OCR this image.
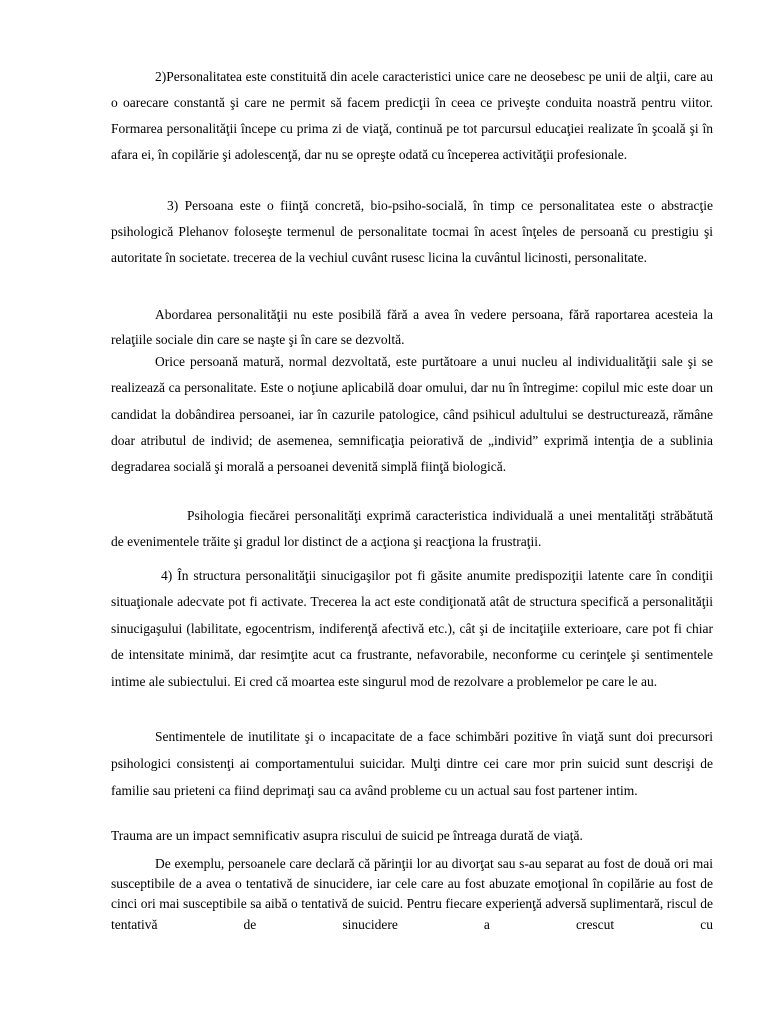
2)Personalitatea este constituită din acele caracteristici unice care ne deosebesc pe unii de alţii, care au o oarecare constantă şi care ne permit să facem predicţii în ceea ce priveşte conduita noastră pentru viitor. Formarea personalităţii începe cu prima zi de viaţă, continuă pe tot parcursul educaţiei realizate în şcoală şi în afara ei, în copilărie şi adolescenţă, dar nu se opreşte odată cu începerea activităţii profesionale.

3) Persoana este o fiinţă concretă, bio-psiho-socială, în timp ce personalitatea este o abstracţie psihologică Plehanov foloseşte termenul de personalitate tocmai în acest înţeles de persoană cu prestigiu şi autoritate în societate. trecerea de la vechiul cuvânt rusesc licina la cuvântul licinosti, personalitate.

Abordarea personalităţii nu este posibilă fără a avea în vedere persoana, fără raportarea acesteia la relaţiile sociale din care se naşte şi în care se dezvoltă.

Orice persoană matură, normal dezvoltată, este purtătoare a unui nucleu al individualităţii sale şi se realizează ca personalitate. Este o noţiune aplicabilă doar omului, dar nu în întregime: copilul mic este doar un candidat la dobândirea persoanei, iar în cazurile patologice, când psihicul adultului se destructurează, rămâne doar atributul de individ; de asemenea, semnificaţia peiorativă de „individ” exprimă intenţia de a sublinia degradarea socială şi morală a persoanei devenită simplă fiinţă biologică.

Psihologia fiecărei personalităţi exprimă caracteristica individuală a unei mentalităţi străbătută de evenimentele trăite şi gradul lor distinct de a acţiona şi reacţiona la frustraţii.

4) În structura personalităţii sinucigaşilor pot fi găsite anumite predispoziţii latente care în condiţii situaţionale adecvate pot fi activate. Trecerea la act este condiţionată atât de structura specifică a personalităţii sinucigaşului (labilitate, egocentrism, indiferenţă afectivă etc.), cât şi de incitaţiile exterioare, care pot fi chiar de intensitate minimă, dar resimţite acut ca frustrante, nefavorabile, neconforme cu cerinţele şi sentimentele intime ale subiectului. Ei cred că moartea este singurul mod de rezolvare a problemelor pe care le au.

Sentimentele de inutilitate şi o incapacitate de a face schimbări pozitive în viaţă sunt doi precursori psihologici consistenţi ai comportamentului suicidar. Mulţi dintre cei care mor prin suicid sunt descrişi de familie sau prieteni ca fiind deprimaţi sau ca având probleme cu un actual sau fost partener intim.

Trauma are un impact semnificativ asupra riscului de suicid pe întreaga durată de viaţă.

De exemplu, persoanele care declară că părinţii lor au divorţat sau s-au separat au fost de două ori mai susceptibile de a avea o tentativă de sinucidere, iar cele care au fost abuzate emoţional în copilărie au fost de cinci ori mai susceptibile sa aibă o tentativă de suicid. Pentru fiecare experienţă adversă suplimentară, riscul de tentativă de sinucidere a crescut cu
